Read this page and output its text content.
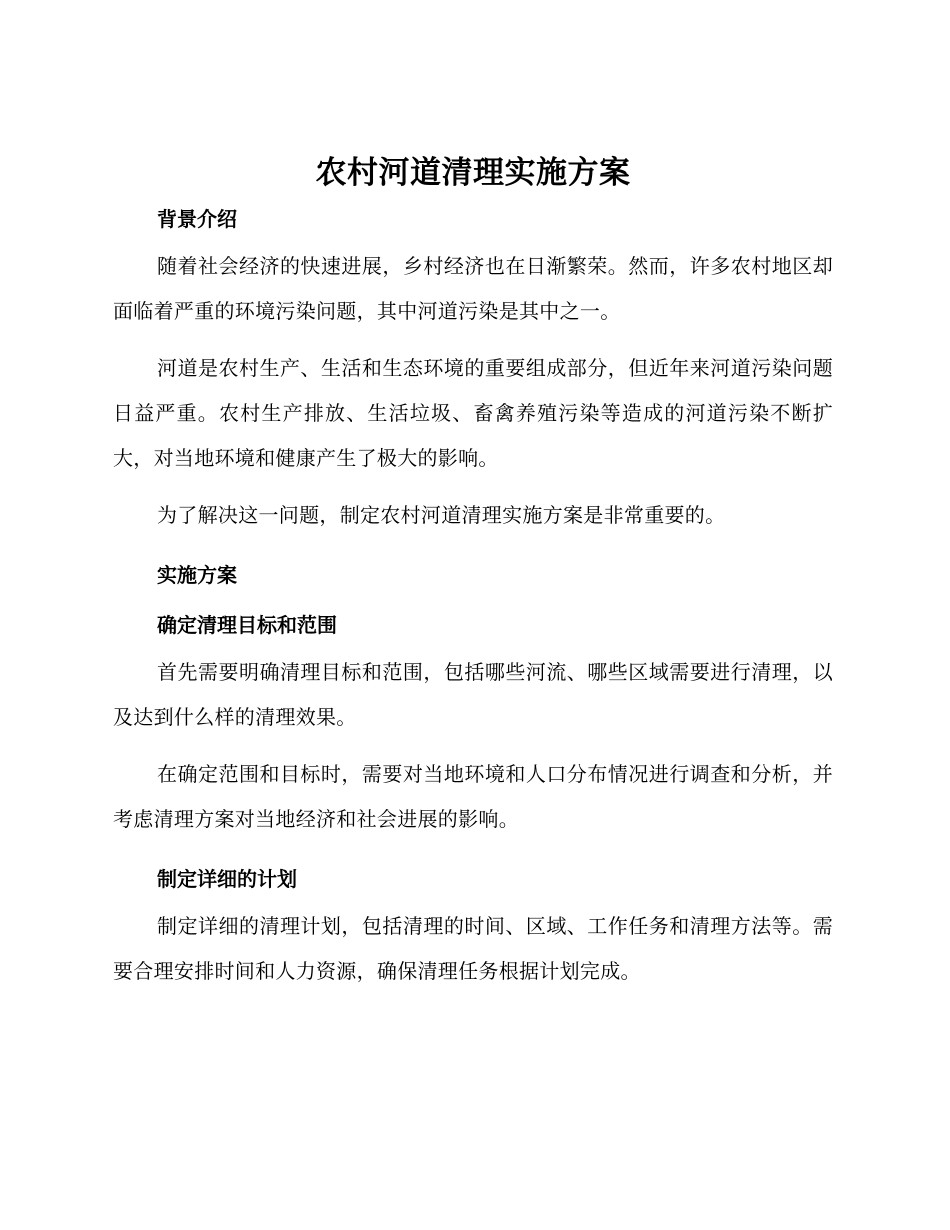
农村河道清理实施方案
背景介绍

随着社会经济的快速进展，乡村经济也在日渐繁荣。然而，许多农村地区却面临着严重的环境污染问题，其中河道污染是其中之一。

河道是农村生产、生活和生态环境的重要组成部分，但近年来河道污染问题日益严重。农村生产排放、生活垃圾、畜禽养殖污染等造成的河道污染不断扩大，对当地环境和健康产生了极大的影响。

为了解决这一问题，制定农村河道清理实施方案是非常重要的。

实施方案
确定清理目标和范围

首先需要明确清理目标和范围，包括哪些河流、哪些区域需要进行清理，以及达到什么样的清理效果。

在确定范围和目标时，需要对当地环境和人口分布情况进行调查和分析，并考虑清理方案对当地经济和社会进展的影响。

制定详细的计划

制定详细的清理计划，包括清理的时间、区域、工作任务和清理方法等。需要合理安排时间和人力资源，确保清理任务根据计划完成。
